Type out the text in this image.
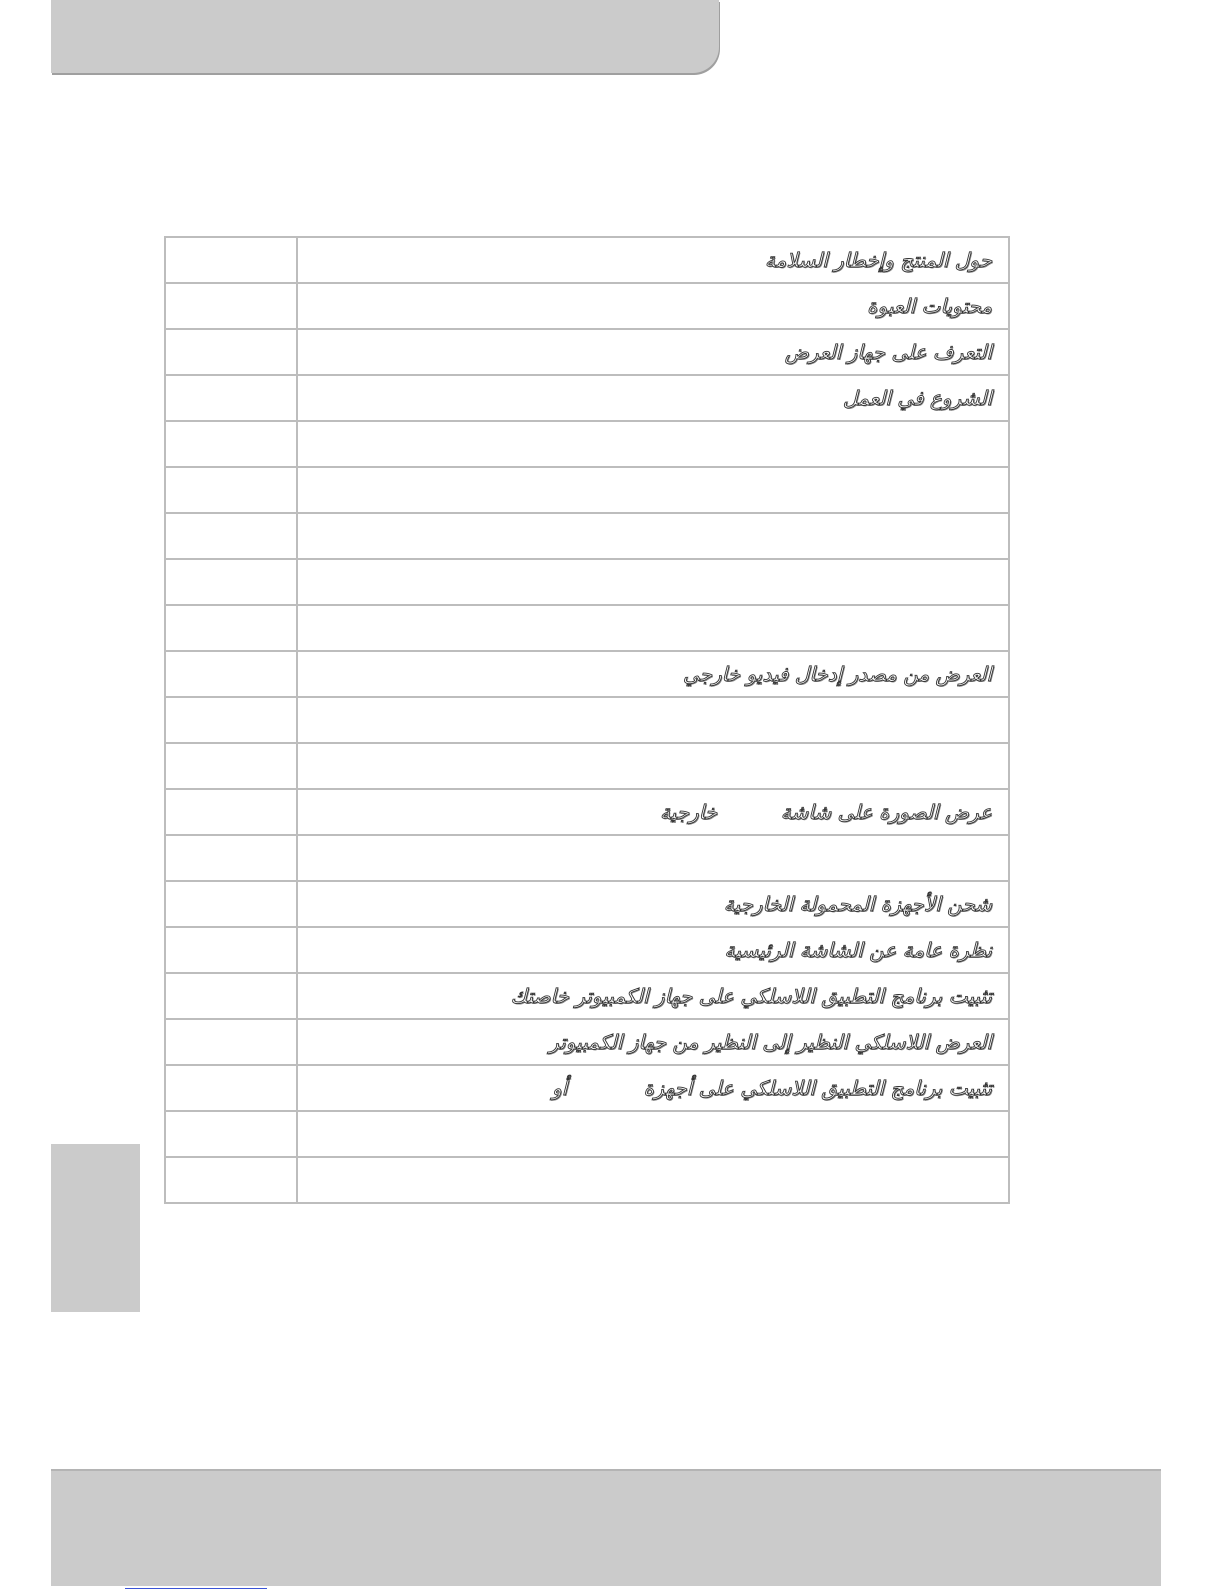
	حول المنتج وإخطار السلامة
	محتويات العبوة
	التعرف على جهاز العرض
	الشروع في العمل

	العرض من مصدر إدخال فيديو خارجي

	عرض الصورة على شاشة          خارجية

	شحن الأجهزة المحمولة الخارجية
	نظرة عامة عن الشاشة الرئيسية
	تثبيت برنامج التطبيق اللاسلكي على جهاز الكمبيوتر خاصتك
	العرض اللاسلكي النظير إلى النظير من جهاز الكمبيوتر
	تثبيت برنامج التطبيق اللاسلكي على أجهزة            أو
